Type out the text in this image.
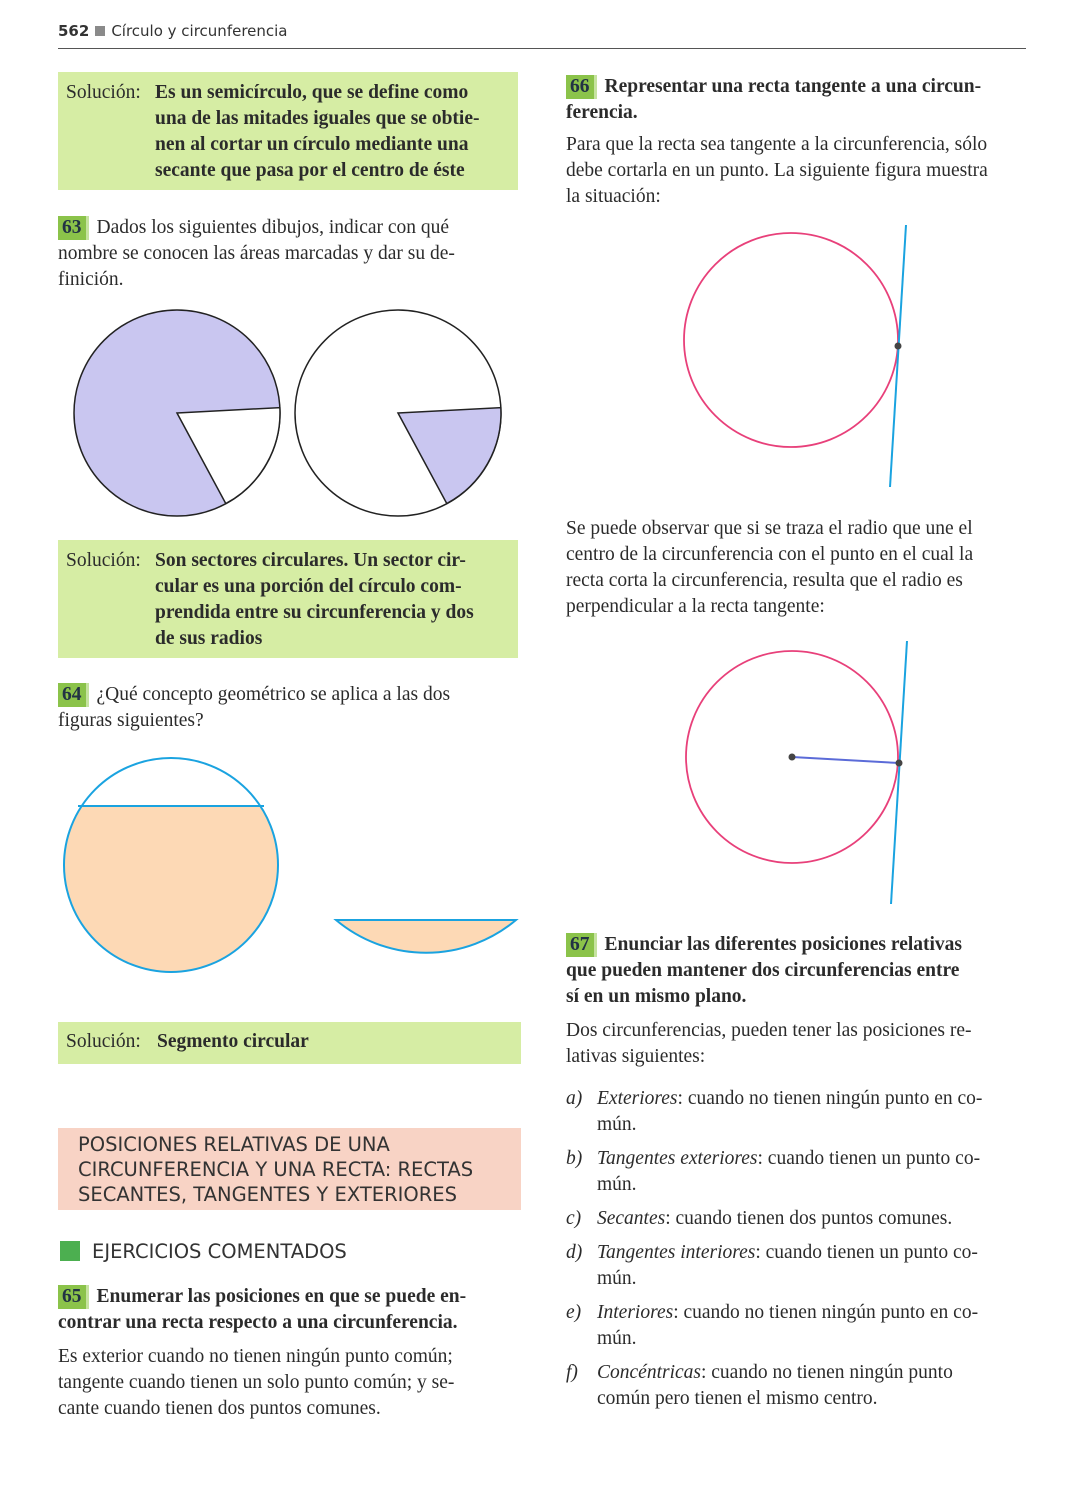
562 Círculo y circunferencia
Solución: Es un semicírculo, que se define como
una de las mitades iguales que se obtie-
nen al cortar un círculo mediante una
secante que pasa por el centro de éste
63 Dados los siguientes dibujos, indicar con qué
nombre se conocen las áreas marcadas y dar su de-
finición.
Solución: Son sectores circulares. Un sector cir-
cular es una porción del círculo com-
prendida entre su circunferencia y dos
de sus radios
64 ¿Qué concepto geométrico se aplica a las dos
figuras siguientes?
Solución: Segmento circular
POSICIONES RELATIVAS DE UNA
CIRCUNFERENCIA Y UNA RECTA: RECTAS
SECANTES, TANGENTES Y EXTERIORES
EJERCICIOS COMENTADOS
65 Enumerar las posiciones en que se puede en-
contrar una recta respecto a una circunferencia.
Es exterior cuando no tienen ningún punto común;
tangente cuando tienen un solo punto común; y se-
cante cuando tienen dos puntos comunes.
66 Representar una recta tangente a una circun-
ferencia.
Para que la recta sea tangente a la circunferencia, sólo
debe cortarla en un punto. La siguiente figura muestra
la situación:
Se puede observar que si se traza el radio que une el
centro de la circunferencia con el punto en el cual la
recta corta la circunferencia, resulta que el radio es
perpendicular a la recta tangente:
67 Enunciar las diferentes posiciones relativas
que pueden mantener dos circunferencias entre
sí en un mismo plano.
Dos circunferencias, pueden tener las posiciones re-
lativas siguientes:
a) Exteriores: cuando no tienen ningún punto en co-
mún.
b) Tangentes exteriores: cuando tienen un punto co-
mún.
c) Secantes: cuando tienen dos puntos comunes.
d) Tangentes interiores: cuando tienen un punto co-
mún.
e) Interiores: cuando no tienen ningún punto en co-
mún.
f) Concéntricas: cuando no tienen ningún punto
común pero tienen el mismo centro.
